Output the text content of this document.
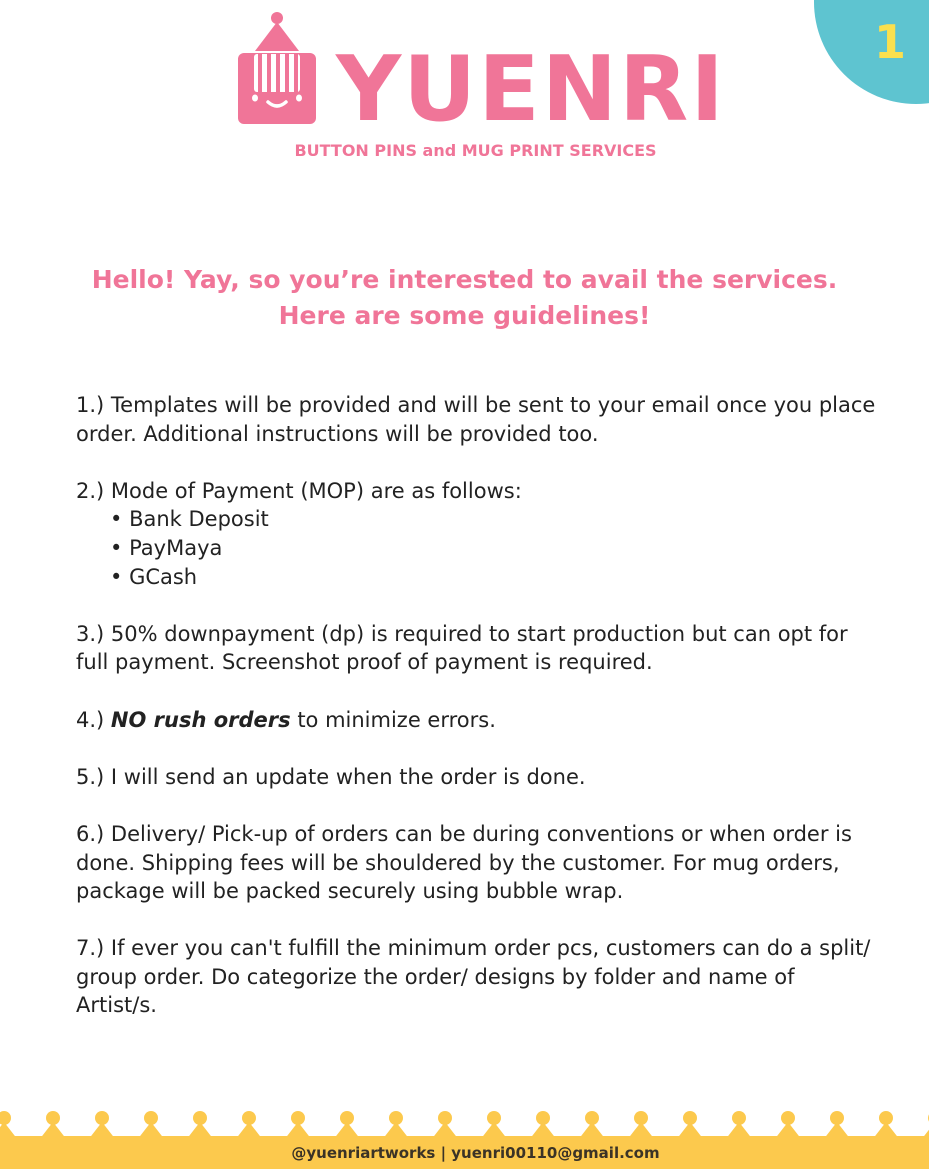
1
YUENRI
BUTTON PINS and MUG PRINT SERVICES
Hello! Yay, so you’re interested to avail the services.
Here are some guidelines!

1.) Templates will be provided and will be sent to your email once you place order. Additional instructions will be provided too.

2.) Mode of Payment (MOP) are as follows:
• Bank Deposit
• PayMaya
• GCash

3.) 50% downpayment (dp) is required to start production but can opt for full payment. Screenshot proof of payment is required.

4.) NO rush orders to minimize errors.

5.) I will send an update when the order is done.

6.) Delivery/ Pick-up of orders can be during conventions or when order is done. Shipping fees will be shouldered by the customer. For mug orders, package will be packed securely using bubble wrap.

7.) If ever you can't fulfill the minimum order pcs, customers can do a split/ group order. Do categorize the order/ designs by folder and name of Artist/s.

@yuenriartworks | yuenri00110@gmail.com
